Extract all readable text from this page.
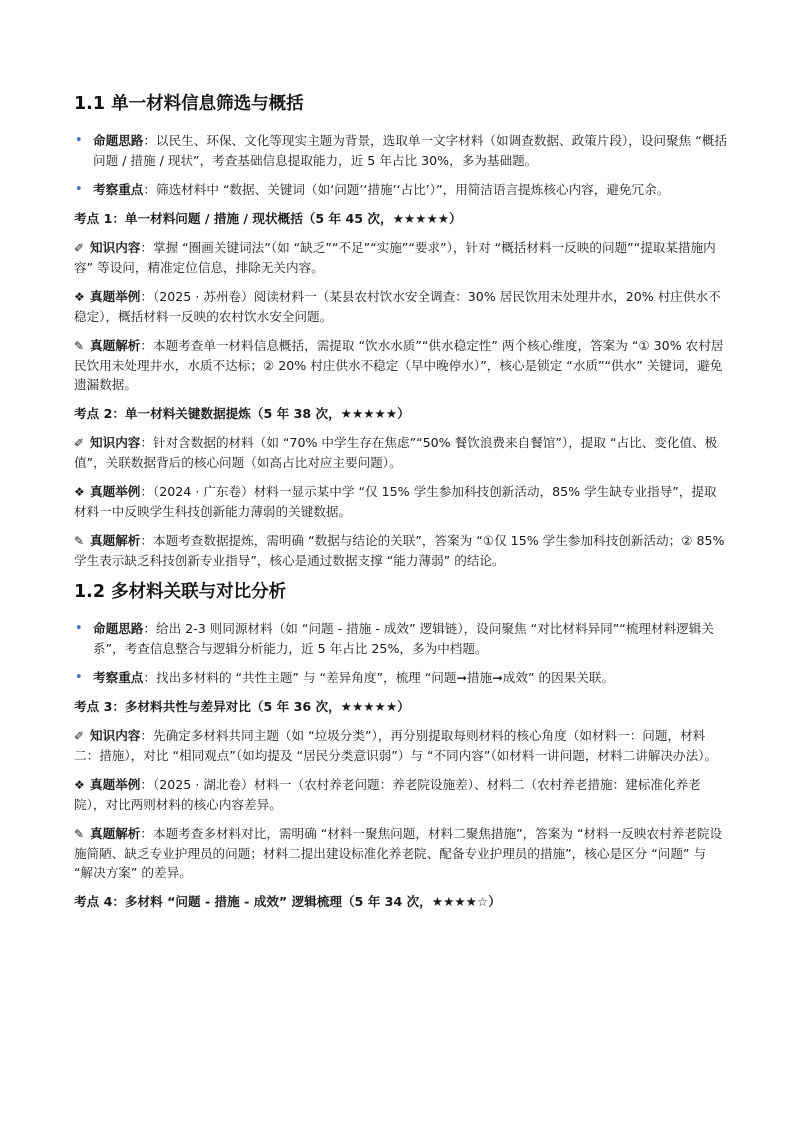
1.1 单一材料信息筛选与概括
• 命题思路：以民生、环保、文化等现实主题为背景，选取单一文字材料（如调查数据、政策片段），设问聚焦 “概括问题 / 措施 / 现状”，考查基础信息提取能力，近 5 年占比 30%，多为基础题。
• 考察重点：筛选材料中 “数据、关键词（如‘问题’‘措施’‘占比’）”，用简洁语言提炼核心内容，避免冗余。
考点 1：单一材料问题 / 措施 / 现状概括（5 年 45 次，★★★★★）

✐ 知识内容：掌握 “圈画关键词法”（如 “缺乏”“不足”“实施”“要求”），针对 “概括材料一反映的问题”“提取某措施内容” 等设问，精准定位信息，排除无关内容。

❖ 真题举例：（2025 · 苏州卷）阅读材料一（某县农村饮水安全调查：30% 居民饮用未处理井水，20% 村庄供水不稳定），概括材料一反映的农村饮水安全问题。

✎ 真题解析：本题考查单一材料信息概括，需提取 “饮水水质”“供水稳定性” 两个核心维度，答案为 “① 30% 农村居民饮用未处理井水，水质不达标；② 20% 村庄供水不稳定（早中晚停水）”，核心是锁定 “水质”“供水” 关键词，避免遗漏数据。

考点 2：单一材料关键数据提炼（5 年 38 次，★★★★★）

✐ 知识内容：针对含数据的材料（如 “70% 中学生存在焦虑”“50% 餐饮浪费来自餐馆”），提取 “占比、变化值、极值”，关联数据背后的核心问题（如高占比对应主要问题）。

❖ 真题举例：（2024 · 广东卷）材料一显示某中学 “仅 15% 学生参加科技创新活动，85% 学生缺专业指导”，提取材料一中反映学生科技创新能力薄弱的关键数据。

✎ 真题解析：本题考查数据提炼，需明确 “数据与结论的关联”，答案为 “①仅 15% 学生参加科技创新活动；② 85% 学生表示缺乏科技创新专业指导”，核心是通过数据支撑 “能力薄弱” 的结论。

1.2 多材料关联与对比分析
• 命题思路：给出 2-3 则同源材料（如 “问题 - 措施 - 成效” 逻辑链），设问聚焦 “对比材料异同”“梳理材料逻辑关系”，考查信息整合与逻辑分析能力，近 5 年占比 25%，多为中档题。
• 考察重点：找出多材料的 “共性主题” 与 “差异角度”，梳理 “问题➞措施➞成效” 的因果关联。
考点 3：多材料共性与差异对比（5 年 36 次，★★★★★）

✐ 知识内容：先确定多材料共同主题（如 “垃圾分类”），再分别提取每则材料的核心角度（如材料一：问题，材料二：措施），对比 “相同观点”（如均提及 “居民分类意识弱”）与 “不同内容”（如材料一讲问题，材料二讲解决办法）。

❖ 真题举例：（2025 · 湖北卷）材料一（农村养老问题：养老院设施差）、材料二（农村养老措施：建标准化养老院），对比两则材料的核心内容差异。

✎ 真题解析：本题考查多材料对比，需明确 “材料一聚焦问题，材料二聚焦措施”，答案为 “材料一反映农村养老院设施简陋、缺乏专业护理员的问题；材料二提出建设标准化养老院、配备专业护理员的措施”，核心是区分 “问题” 与 “解决方案” 的差异。

考点 4：多材料 “问题 - 措施 - 成效” 逻辑梳理（5 年 34 次，★★★★☆）
